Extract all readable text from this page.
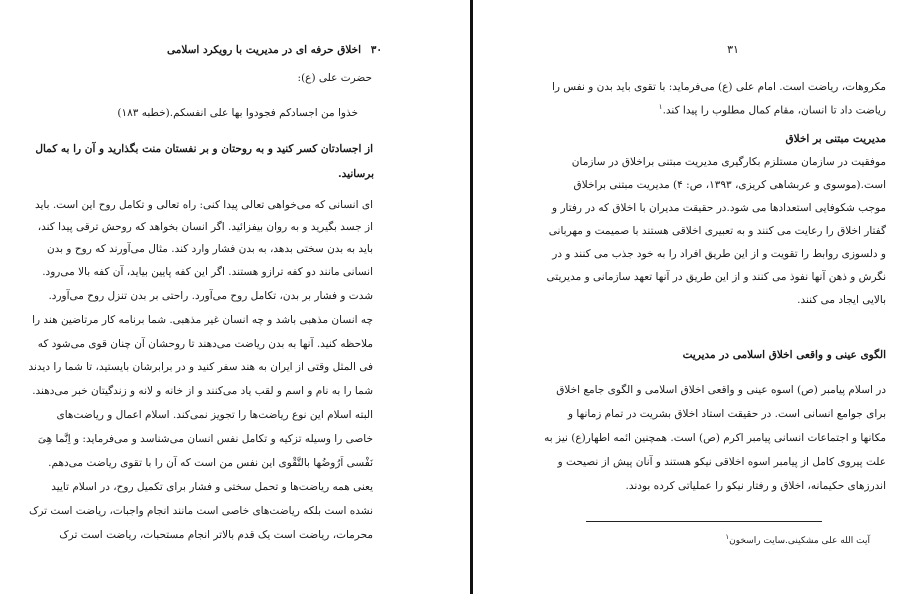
۳۰ اخلاق حرفه ای در مدیریت با رویکرد اسلامی
حضرت علی (ع):
خذوا من اجسادكم فجودوا بها علی انفسكم.(خطبه ۱۸۳)
از اجسادتان کسر کنید و به روحتان و بر نفستان منت بگذارید و آن را به کمال
برسانید.
ای انسانی که می‌خواهی تعالی پیدا کنی: راه تعالی و تکامل روح این است. باید
از جسد بگیرید و به روان بیفزائید. اگر انسان بخواهد که روحش ترقی پیدا کند،
باید به بدن سختی بدهد، به بدن فشار وارد کند. مثال می‌آورند که روح و بدن
انسانی مانند دو کفه ترازو هستند. اگر این کفه پایین بیاید، آن کفه بالا می‌رود.
شدت و فشار بر بدن، تکامل روح می‌آورد. راحتی بر بدن تنزل روح می‌آورد.
چه انسان مذهبی باشد و چه انسان غیر مذهبی. شما برنامه کار مرتاضین هند را
ملاحظه کنید. آنها به بدن ریاضت می‌دهند تا روحشان آن چنان قوی می‌شود که
فی المثل وقتی از ایران به هند سفر کنید و در برابرشان بایستید، تا شما را دیدند
شما را به نام و اسم و لقب یاد می‌کنند و از خانه و لانه و زندگیتان خبر می‌دهند.
البته اسلام این نوع ریاضت‌ها را تجویز نمی‌کند. اسلام اعمال و ریاضت‌های
خاصی را وسیله تزکیه و تکامل نفس انسان می‌شناسد و می‌فرماید: و اِنَّما هِیَ
نَفْسی اَرُوضُها بالتَّقْوی این نفس من است که آن را با تقوی ریاضت می‌دهم.
یعنی همه ریاضت‌ها و تحمل سختی و فشار برای تکمیل روح، در اسلام تایید
نشده است بلکه ریاضت‌های خاصی است مانند انجام واجبات، ریاضت است ترک
محرمات، ریاضت است یک قدم بالاتر انجام مستحبات، ریاضت است ترک
۳۱
مکروهات، ریاضت است. امام علی (ع) می‌فرماید: با تقوی باید بدن و نفس را
ریاضت داد تا انسان، مقام کمال مطلوب را پیدا کند.$^۱$
مدیریت مبتنی بر اخلاق
موفقیت در سازمان مستلزم بکارگیری مدیریت مبتنی براخلاق در سازمان
است.(موسوی و عربشاهی کریزی، ۱۳۹۳، ص: ۴) مدیریت مبتنی براخلاق
موجب شکوفایی استعدادها می شود.در حقیقت مدیران با اخلاق که در رفتار و
گفتار اخلاق را رعایت می کنند و به تعبیری اخلاقی هستند با صمیمت و مهربانی
و دلسوزی روابط را تقویت و از این طریق افراد را به خود جذب می کنند و در
نگرش و ذهن آنها نفوذ می کنند و از این طریق در آنها تعهد سازمانی و مدیریتی
بالایی ایجاد می کنند.
الگوی عینی و واقعی اخلاق اسلامی در مدیریت
در اسلام پیامبر (ص) اسوه عینی و واقعی اخلاق اسلامی و الگوی جامع اخلاق
برای جوامع انسانی است. در حقیقت استاد اخلاق بشریت در تمام زمانها و
مکانها و اجتماعات انسانی پیامبر اکرم (ص) است. همچنین ائمه اطهار(ع) نیز به
علت پیروی کامل از پیامبر اسوه اخلاقی نیکو هستند و آنان پیش از نصیحت و
اندرزهای حکیمانه، اخلاق و رفتار نیکو را عملیاتی کرده بودند.
$^۱$آیت الله علی مشکینی.سایت راسخون
